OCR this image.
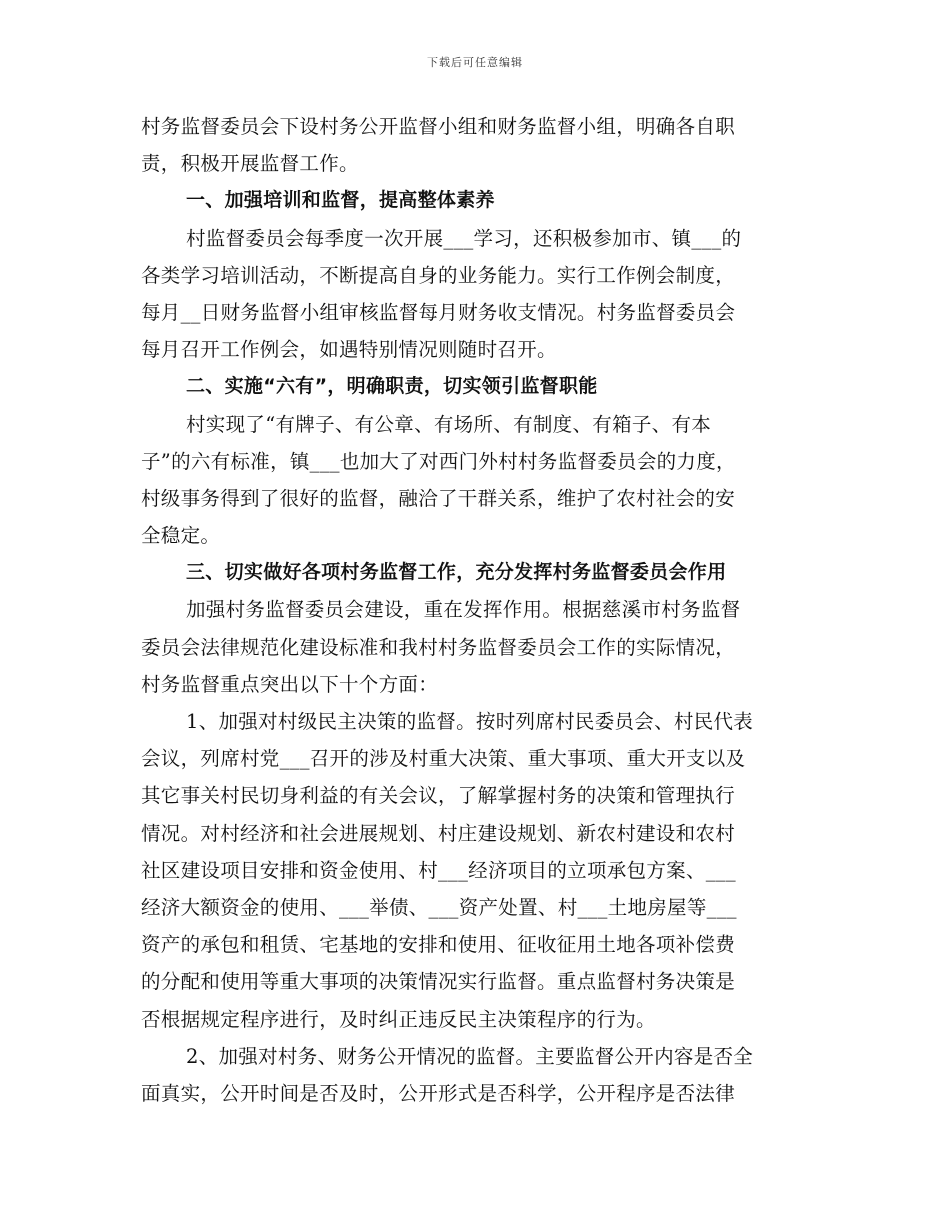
下载后可任意编辑
村务监督委员会下设村务公开监督小组和财务监督小组，明确各自职
责，积极开展监督工作。
一、加强培训和监督，提高整体素养
村监督委员会每季度一次开展___学习，还积极参加市、镇___的
各类学习培训活动，不断提高自身的业务能力。实行工作例会制度，
每月__日财务监督小组审核监督每月财务收支情况。村务监督委员会
每月召开工作例会，如遇特别情况则随时召开。
二、实施“六有”，明确职责，切实领引监督职能
村实现了“有牌子、有公章、有场所、有制度、有箱子、有本
子”的六有标准，镇___也加大了对西门外村村务监督委员会的力度，
村级事务得到了很好的监督，融洽了干群关系，维护了农村社会的安
全稳定。
三、切实做好各项村务监督工作，充分发挥村务监督委员会作用
加强村务监督委员会建设，重在发挥作用。根据慈溪市村务监督
委员会法律规范化建设标准和我村村务监督委员会工作的实际情况，
村务监督重点突出以下十个方面：
1、加强对村级民主决策的监督。按时列席村民委员会、村民代表
会议，列席村党___召开的涉及村重大决策、重大事项、重大开支以及
其它事关村民切身利益的有关会议，了解掌握村务的决策和管理执行
情况。对村经济和社会进展规划、村庄建设规划、新农村建设和农村
社区建设项目安排和资金使用、村___经济项目的立项承包方案、___
经济大额资金的使用、___举债、___资产处置、村___土地房屋等___
资产的承包和租赁、宅基地的安排和使用、征收征用土地各项补偿费
的分配和使用等重大事项的决策情况实行监督。重点监督村务决策是
否根据规定程序进行，及时纠正违反民主决策程序的行为。
2、加强对村务、财务公开情况的监督。主要监督公开内容是否全
面真实，公开时间是否及时，公开形式是否科学，公开程序是否法律
